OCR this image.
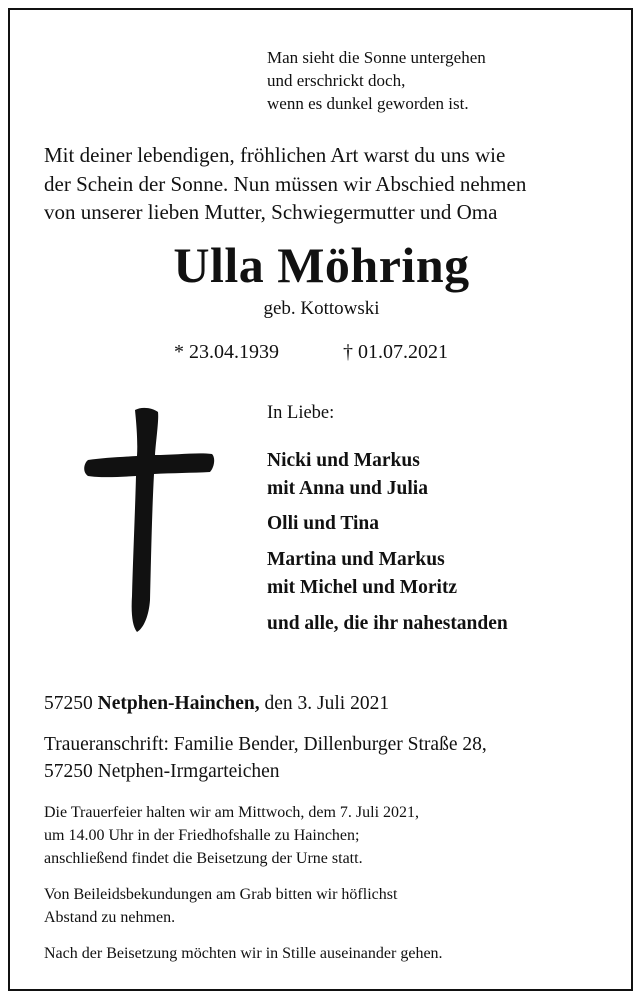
Man sieht die Sonne untergehen
und erschrickt doch,
wenn es dunkel geworden ist.
Mit deiner lebendigen, fröhlichen Art warst du uns wie
der Schein der Sonne. Nun müssen wir Abschied nehmen
von unserer lieben Mutter, Schwiegermutter und Oma
Ulla Möhring
geb. Kottowski
* 23.04.1939	† 01.07.2021
In Liebe:
Nicki und Markus
mit Anna und Julia
Olli und Tina
Martina und Markus
mit Michel und Moritz
und alle, die ihr nahestanden
57250 Netphen-Hainchen, den 3. Juli 2021
Traueranschrift: Familie Bender, Dillenburger Straße 28,
57250 Netphen-Irmgarteichen
Die Trauerfeier halten wir am Mittwoch, dem 7. Juli 2021,
um 14.00 Uhr in der Friedhofshalle zu Hainchen;
anschließend findet die Beisetzung der Urne statt.
Von Beileidsbekundungen am Grab bitten wir höflichst
Abstand zu nehmen.
Nach der Beisetzung möchten wir in Stille auseinander gehen.
